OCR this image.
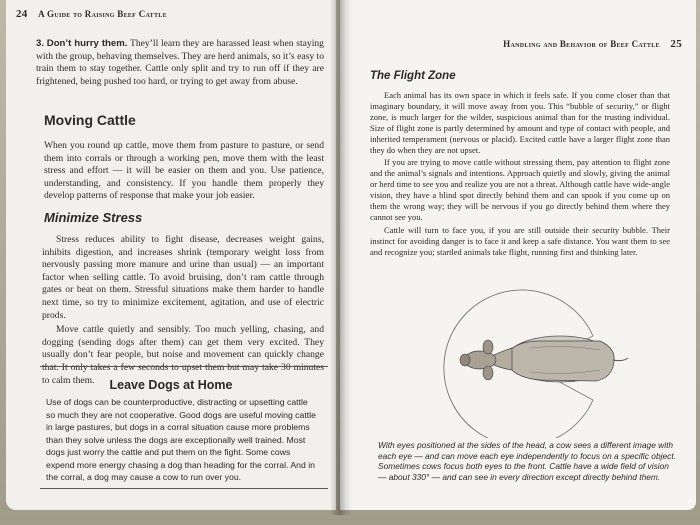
24 A Guide to Raising Beef Cattle
3. Don’t hurry them. They’ll learn they are harassed least when staying with the group, behaving themselves. They are herd animals, so it’s easy to train them to stay together. Cattle only split and try to run off if they are frightened, being pushed too hard, or trying to get away from abuse.
Moving Cattle
When you round up cattle, move them from pasture to pasture, or send them into corrals or through a working pen, move them with the least stress and effort — it will be easier on them and you. Use patience, understanding, and consistency. If you handle them properly they develop patterns of response that make your job easier.
Minimize Stress

Stress reduces ability to fight disease, decreases weight gains, inhibits digestion, and increases shrink (temporary weight loss from nervously passing more manure and urine than usual) — an important factor when selling cattle. To avoid bruising, don’t ram cattle through gates or beat on them. Stressful situations make them harder to handle next time, so try to minimize excitement, agitation, and use of electric prods.

Move cattle quietly and sensibly. Too much yelling, chasing, and dogging (sending dogs after them) can get them very excited. They usually don’t fear people, but noise and movement can quickly change that. It only takes a few seconds to upset them but may take 30 minutes to calm them.	Leave Dogs at Home
Use of dogs can be counterproductive, distracting or upsetting cattle so much they are not cooperative. Good dogs are useful moving cattle in large pastures, but dogs in a corral situation cause more problems than they solve unless the dogs are exceptionally well trained. Most dogs just worry the cattle and put them on the fight. Some cows expend more energy chasing a dog than heading for the corral. And in the corral, a dog may cause a cow to run over you.
Handling and Behavior of Beef Cattle 25
The Flight Zone

Each animal has its own space in which it feels safe. If you come closer than that imaginary boundary, it will move away from you. This “bubble of security,” or flight zone, is much larger for the wilder, suspicious animal than for the trusting individual. Size of flight zone is partly determined by amount and type of contact with people, and inherited temperament (nervous or placid). Excited cattle have a larger flight zone than they do when they are not upset.

If you are trying to move cattle without stressing them, pay attention to flight zone and the animal’s signals and intentions. Approach quietly and slowly, giving the animal or herd time to see you and realize you are not a threat. Although cattle have wide-angle vision, they have a blind spot directly behind them and can spook if you come up on them the wrong way; they will be nervous if you go directly behind them where they cannot see you.

Cattle will turn to face you, if you are still outside their security bubble. Their instinct for avoiding danger is to face it and keep a safe distance. You want them to see and recognize you; startled animals take flight, running first and thinking later.

With eyes positioned at the sides of the head, a cow sees a different image with each eye — and can move each eye independently to focus on a specific object. Sometimes cows focus both eyes to the front. Cattle have a wide field of vision — about 330° — and can see in every direction except directly behind them.
